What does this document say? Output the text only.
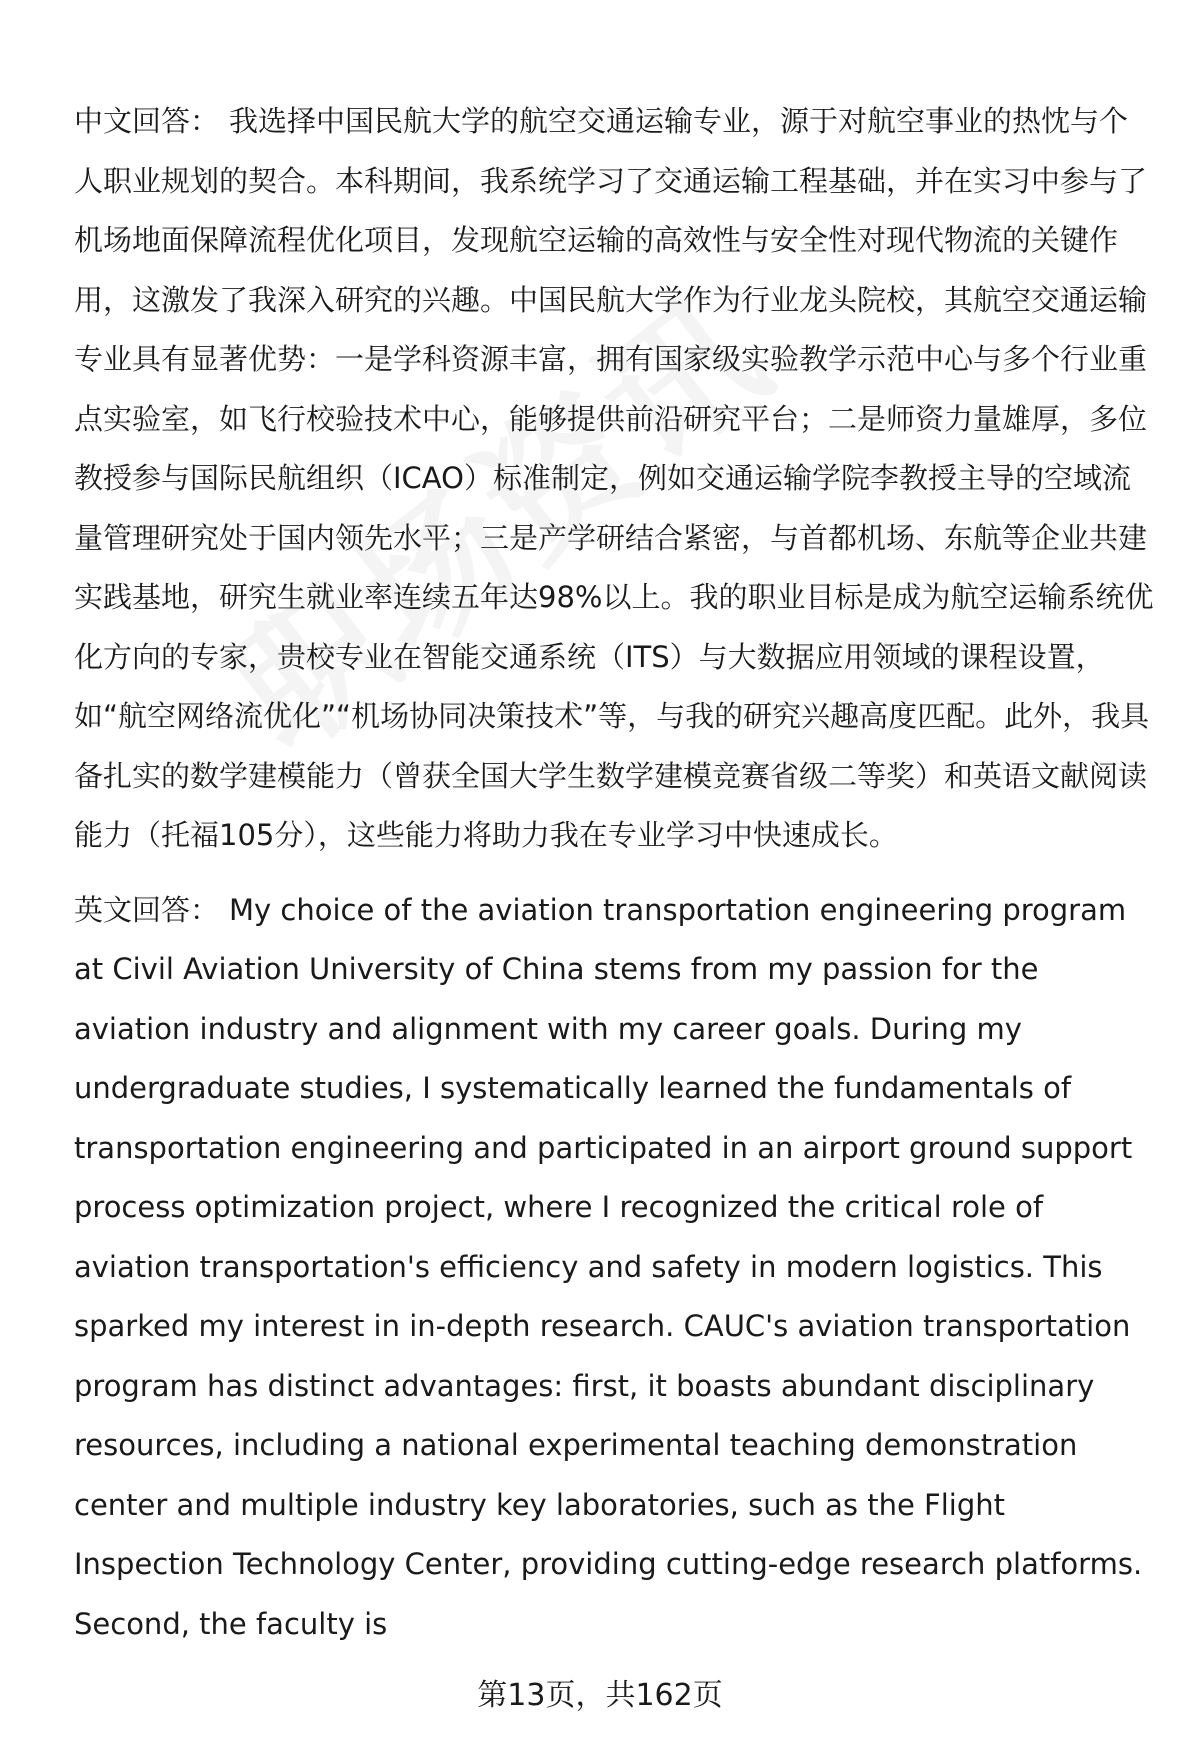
中文回答： 我选择中国民航大学的航空交通运输专业，源于对航空事业的热忱与个人职业规划的契合。本科期间，我系统学习了交通运输工程基础，并在实习中参与了机场地面保障流程优化项目，发现航空运输的高效性与安全性对现代物流的关键作用，这激发了我深入研究的兴趣。中国民航大学作为行业龙头院校，其航空交通运输专业具有显著优势：一是学科资源丰富，拥有国家级实验教学示范中心与多个行业重点实验室，如飞行校验技术中心，能够提供前沿研究平台；二是师资力量雄厚，多位教授参与国际民航组织（ICAO）标准制定，例如交通运输学院李教授主导的空域流量管理研究处于国内领先水平；三是产学研结合紧密，与首都机场、东航等企业共建实践基地，研究生就业率连续五年达98%以上。我的职业目标是成为航空运输系统优化方向的专家，贵校专业在智能交通系统（ITS）与大数据应用领域的课程设置，如“航空网络流优化”“机场协同决策技术”等，与我的研究兴趣高度匹配。此外，我具备扎实的数学建模能力（曾获全国大学生数学建模竞赛省级二等奖）和英语文献阅读能力（托福105分），这些能力将助力我在专业学习中快速成长。

英文回答： My choice of the aviation transportation engineering program at Civil Aviation University of China stems from my passion for the aviation industry and alignment with my career goals. During my undergraduate studies, I systematically learned the fundamentals of transportation engineering and participated in an airport ground support process optimization project, where I recognized the critical role of aviation transportation's efficiency and safety in modern logistics. This sparked my interest in in-depth research. CAUC's aviation transportation program has distinct advantages: first, it boasts abundant disciplinary resources, including a national experimental teaching demonstration center and multiple industry key laboratories, such as the Flight Inspection Technology Center, providing cutting-edge research platforms. Second, the faculty is

第13页，共162页
